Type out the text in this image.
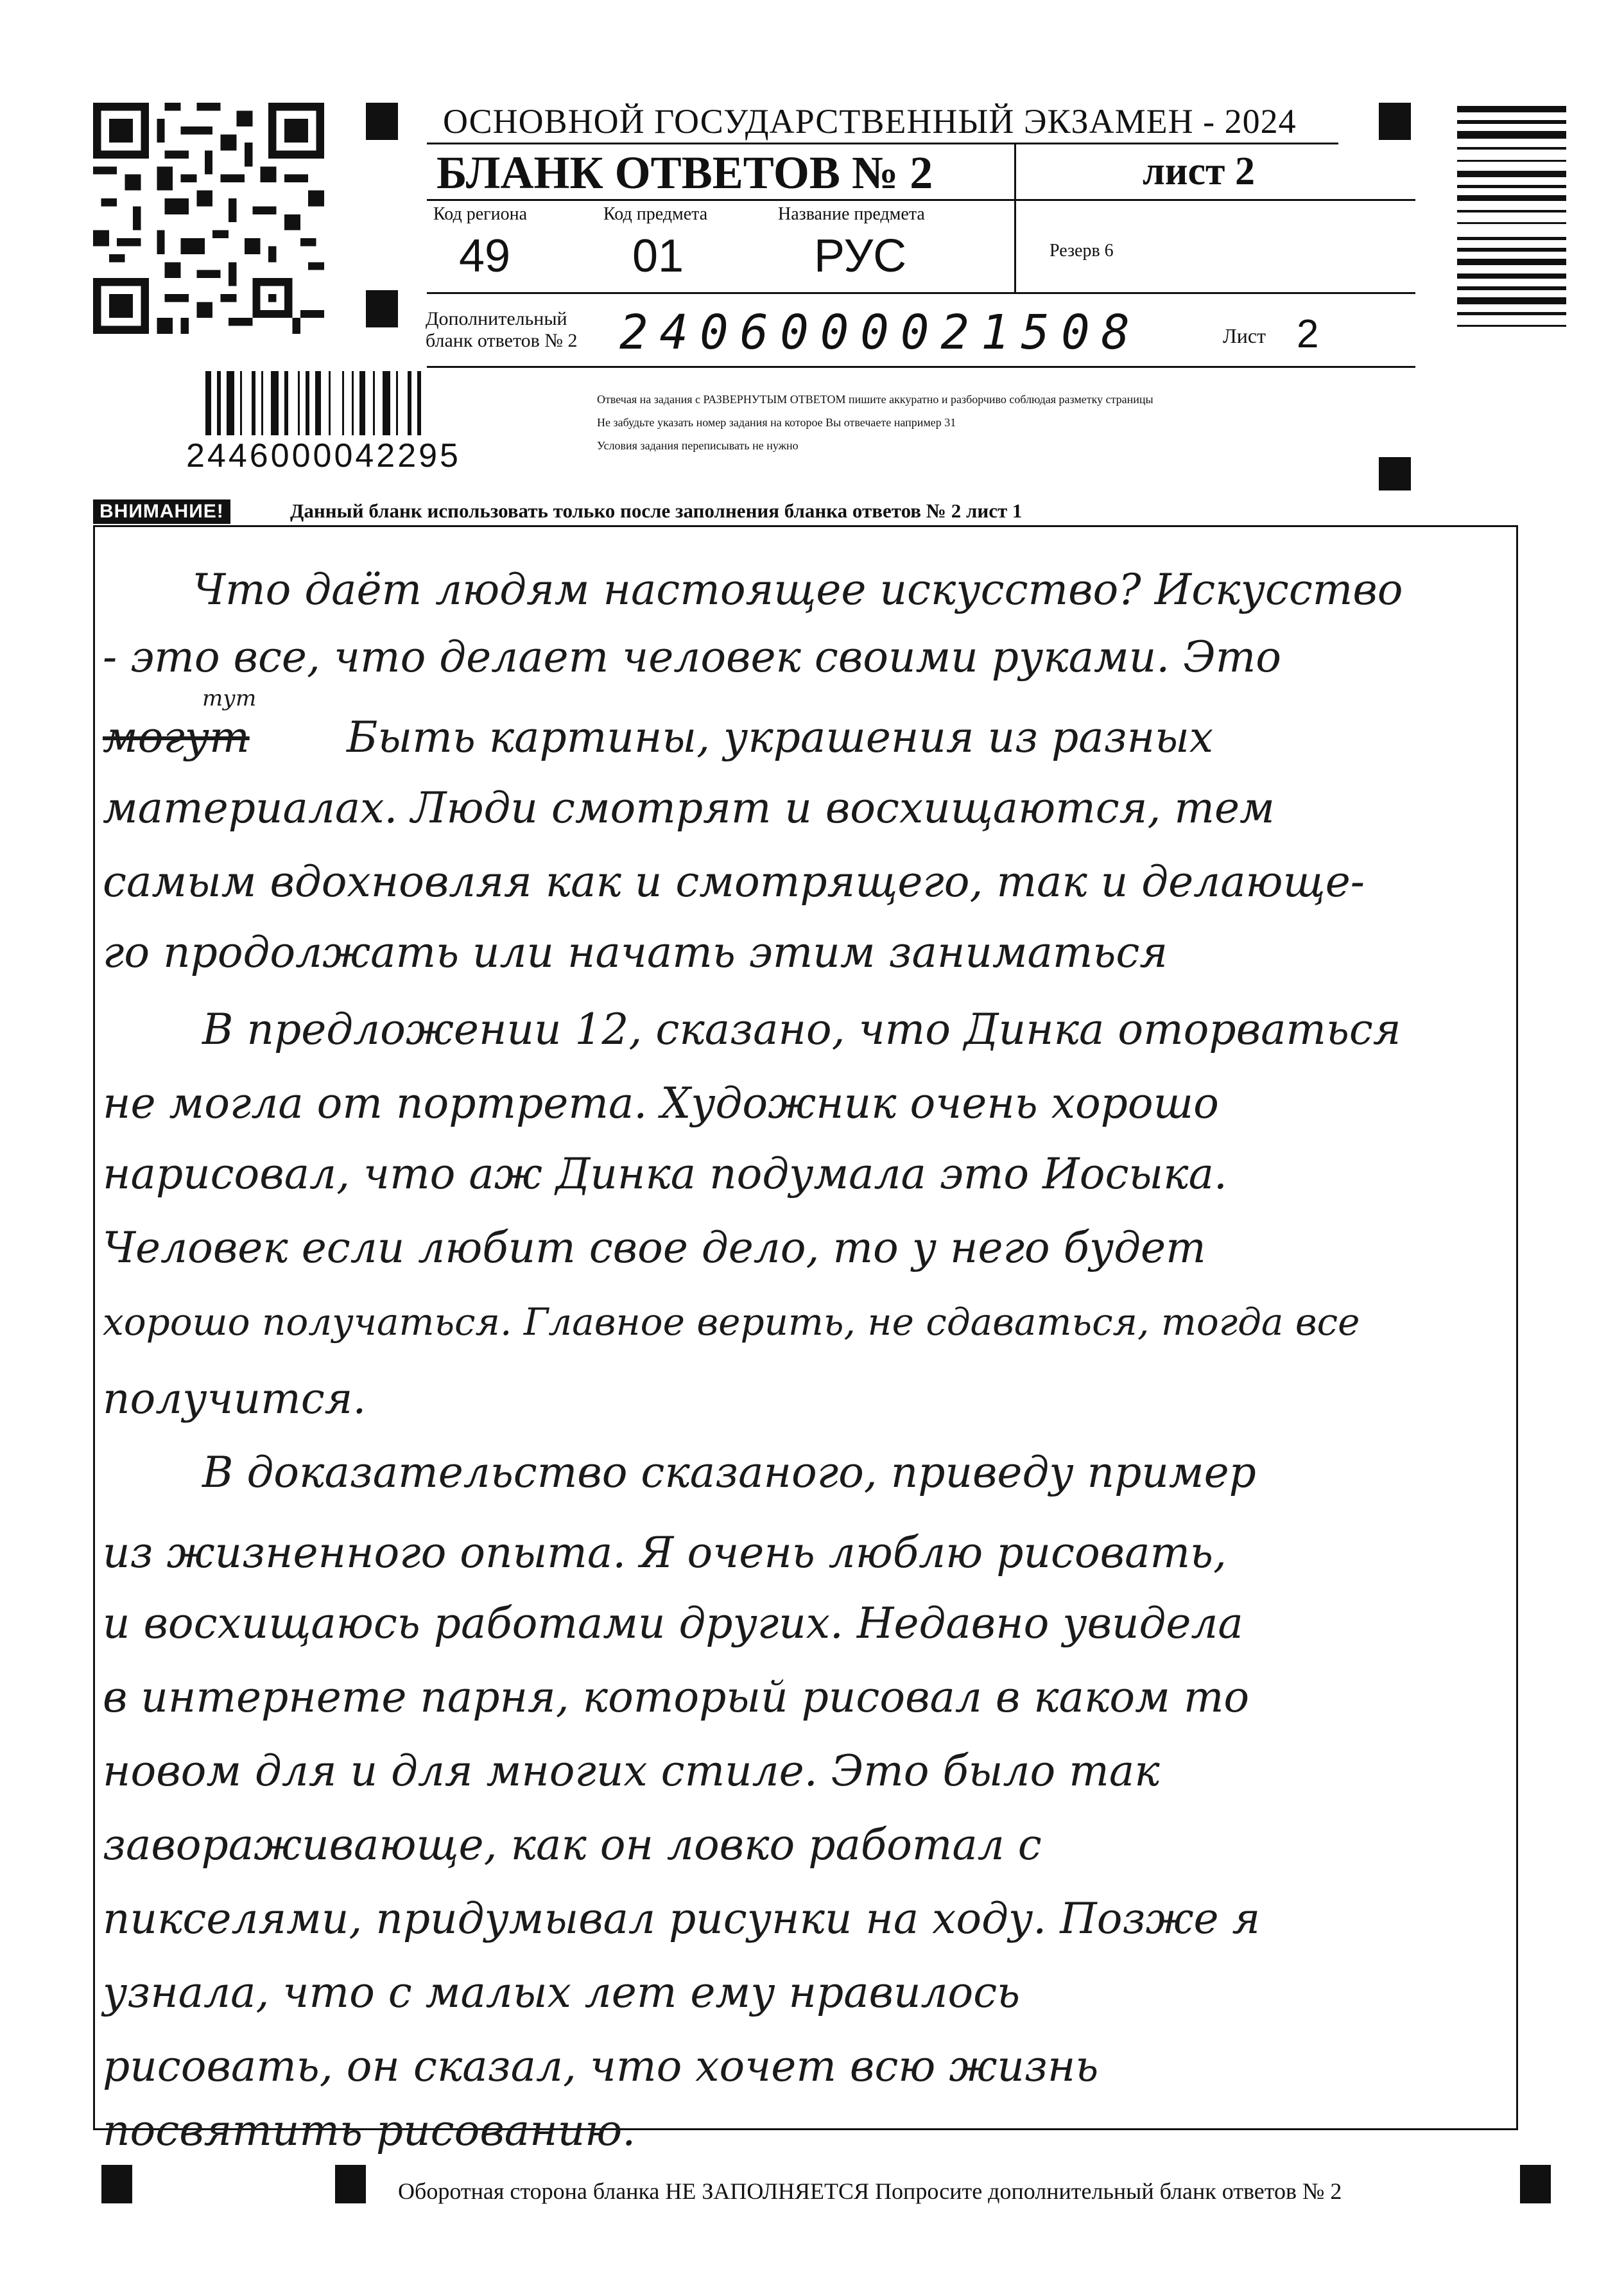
ОСНОВНОЙ ГОСУДАРСТВЕННЫЙ ЭКЗАМЕН - 2024
БЛАНК ОТВЕТОВ № 2	лист 2
Код региона
49
Код предмета
01
Название предмета
РУС	Резерв 6
Дополнительный бланк ответов № 2 2406000021508	Лист 2
Отвечая на задания с РАЗВЕРНУТЫМ ОТВЕТОМ пишите аккуратно и разборчиво соблюдая разметку страницы
Не забудьте указать номер задания на которое Вы отвечаете например 31
Условия задания переписывать не нужно
2446000042295
ВНИМАНИЕ!	Данный бланк использовать только после заполнения бланка ответов № 2 лист 1
тут
могут
Что даёт людям настоящее искусство? Искусство
- это все, что делает человек своими руками. Это
Быть картины, украшения из разных
материалах. Люди смотрят и восхищаются, тем
самым вдохновляя как и смотрящего, так и делающе-
го продолжать или начать этим заниматься
В предложении 12, сказано, что Динка оторваться
не могла от портрета. Художник очень хорошо
нарисовал, что аж Динка подумала это Иосыка.
Человек если любит свое дело, то у него будет
хорошо получаться. Главное верить, не сдаваться, тогда все
получится.
В доказательство сказаного, приведу пример
из жизненного опыта. Я очень люблю рисовать,
и восхищаюсь работами других. Недавно увидела
в интернете парня, который рисовал в каком то
новом для и для многих стиле. Это было так
завораживающе, как он ловко работал с
пикселями, придумывал рисунки на ходу. Позже я
узнала, что с малых лет ему нравилось
рисовать, он сказал, что хочет всю жизнь
посвятить рисованию.
Оборотная сторона бланка НЕ ЗАПОЛНЯЕТСЯ Попросите дополнительный бланк ответов № 2
